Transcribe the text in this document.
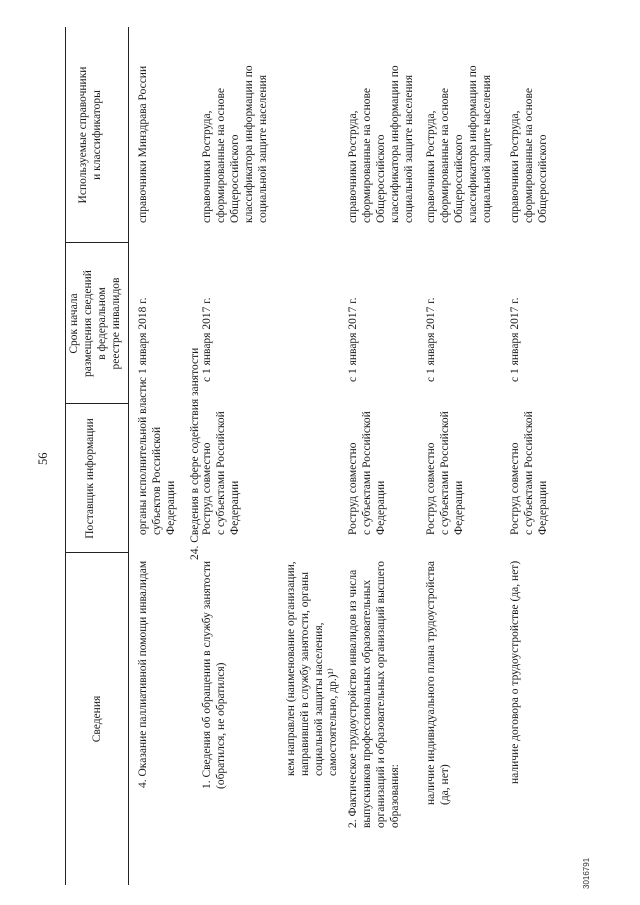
56
3016791
Сведения
Поставщик информации
Срок начала размещения сведений в федеральном реестре инвалидов
Используемые справочники и классификаторы
4. Оказание паллиативной помощи инвалидам
органы исполнительной власти субъектов Российской Федерации
с 1 января 2018 г.
справочники Минздрава России
24. Сведения в сфере содействия занятости
1. Сведения об обращении в службу занятости (обратился, не обратился)
Роструд совместно с субъектами Российской Федерации
с 1 января 2017 г.
справочники Роструда, сформированные на основе Общероссийского классификатора информации по социальной защите населения
кем направлен (наименование организации, направившей в службу занятости, органы социальной защиты населения, самостоятельно, др.)¹⁾ 2. Фактическое трудоустройство инвалидов из числа выпускников профессиональных образовательных организаций и образовательных организаций высшего образования:
Роструд совместно с субъектами Российской Федерации
с 1 января 2017 г.
справочники Роструда, сформированные на основе Общероссийского классификатора информации по социальной защите населения
наличие индивидуального плана трудоустройства (да, нет)
Роструд совместно с субъектами Российской Федерации
с 1 января 2017 г.
справочники Роструда, сформированные на основе Общероссийского классификатора информации по социальной защите населения
наличие договора о трудоустройстве (да, нет)
Роструд совместно с субъектами Российской Федерации
с 1 января 2017 г.
справочники Роструда, сформированные на основе Общероссийского
